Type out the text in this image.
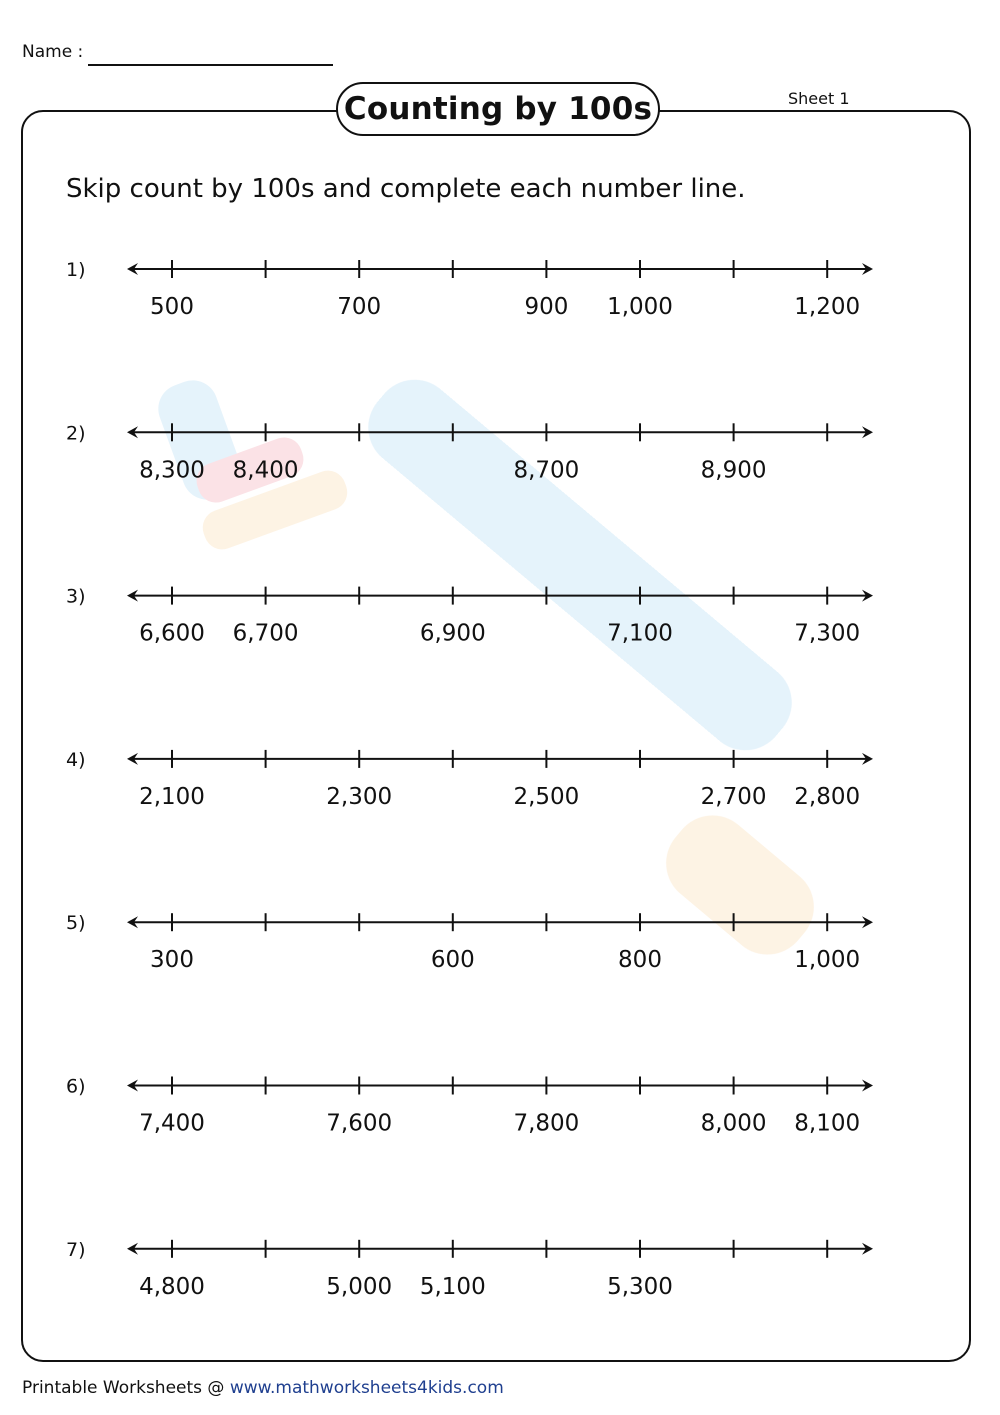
Name :
Counting by 100s	Sheet 1
Skip count by 100s and complete each number line.
1)
500	700	900 1,000	1,200
2)
8,300 8,400	8,700	8,900
3)
6,600 6,700	6,900	7,100	7,300
4)
2,100	2,300	2,500	2,700 2,800
5)
300	600	800	1,000
6)
7,400	7,600	7,800	8,000 8,100
7)
4,800	5,000 5,100	5,300
Printable Worksheets @ www.mathworksheets4kids.com
